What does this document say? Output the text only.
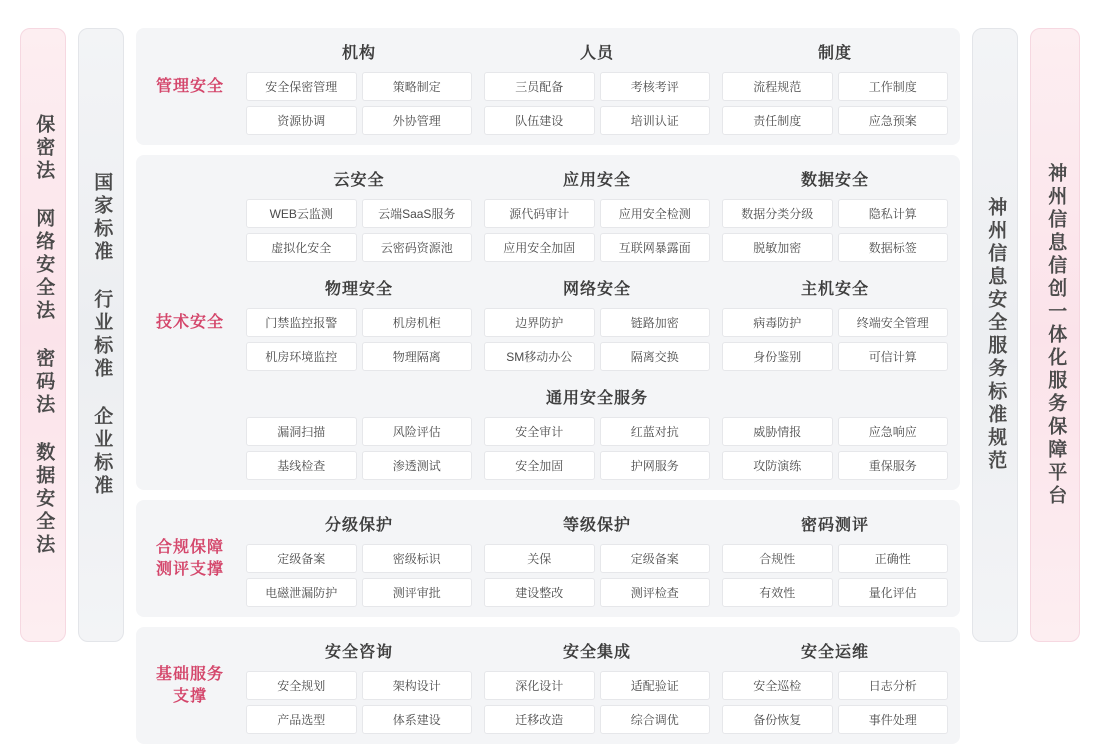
保密法 网络安全法 密码法 数据安全法 国家标准 行业标准 企业标准
管理安全
机构
安全保密管理	策略制定
资源协调	外协管理
人员
三员配备	考核考评
队伍建设	培训认证
制度
流程规范	工作制度
责任制度	应急预案
技术安全
云安全
WEB云监测	云端SaaS服务
虚拟化安全	云密码资源池
应用安全
源代码审计	应用安全检测
应用安全加固	互联网暴露面
数据安全
数据分类分级	隐私计算
脱敏加密	数据标签
物理安全
门禁监控报警	机房机柜
机房环境监控	物理隔离
网络安全
边界防护	链路加密
SM移动办公	隔离交换
主机安全
病毒防护	终端安全管理
身份鉴别	可信计算
通用安全服务
漏洞扫描	风险评估
基线检查	渗透测试
安全审计	红蓝对抗
安全加固	护网服务
威胁情报	应急响应
攻防演练	重保服务
合规保障
测评支撑
分级保护
定级备案	密级标识
电磁泄漏防护	测评审批
等级保护
关保	定级备案
建设整改	测评检查
密码测评
合规性	正确性
有效性	量化评估
基础服务
支撑
安全咨询
安全规划	架构设计
产品选型	体系建设
安全集成
深化设计	适配验证
迁移改造	综合调优
安全运维
安全巡检	日志分析
备份恢复	事件处理
神州信息安全服务标准规范 神州信息信创一体化服务保障平台
